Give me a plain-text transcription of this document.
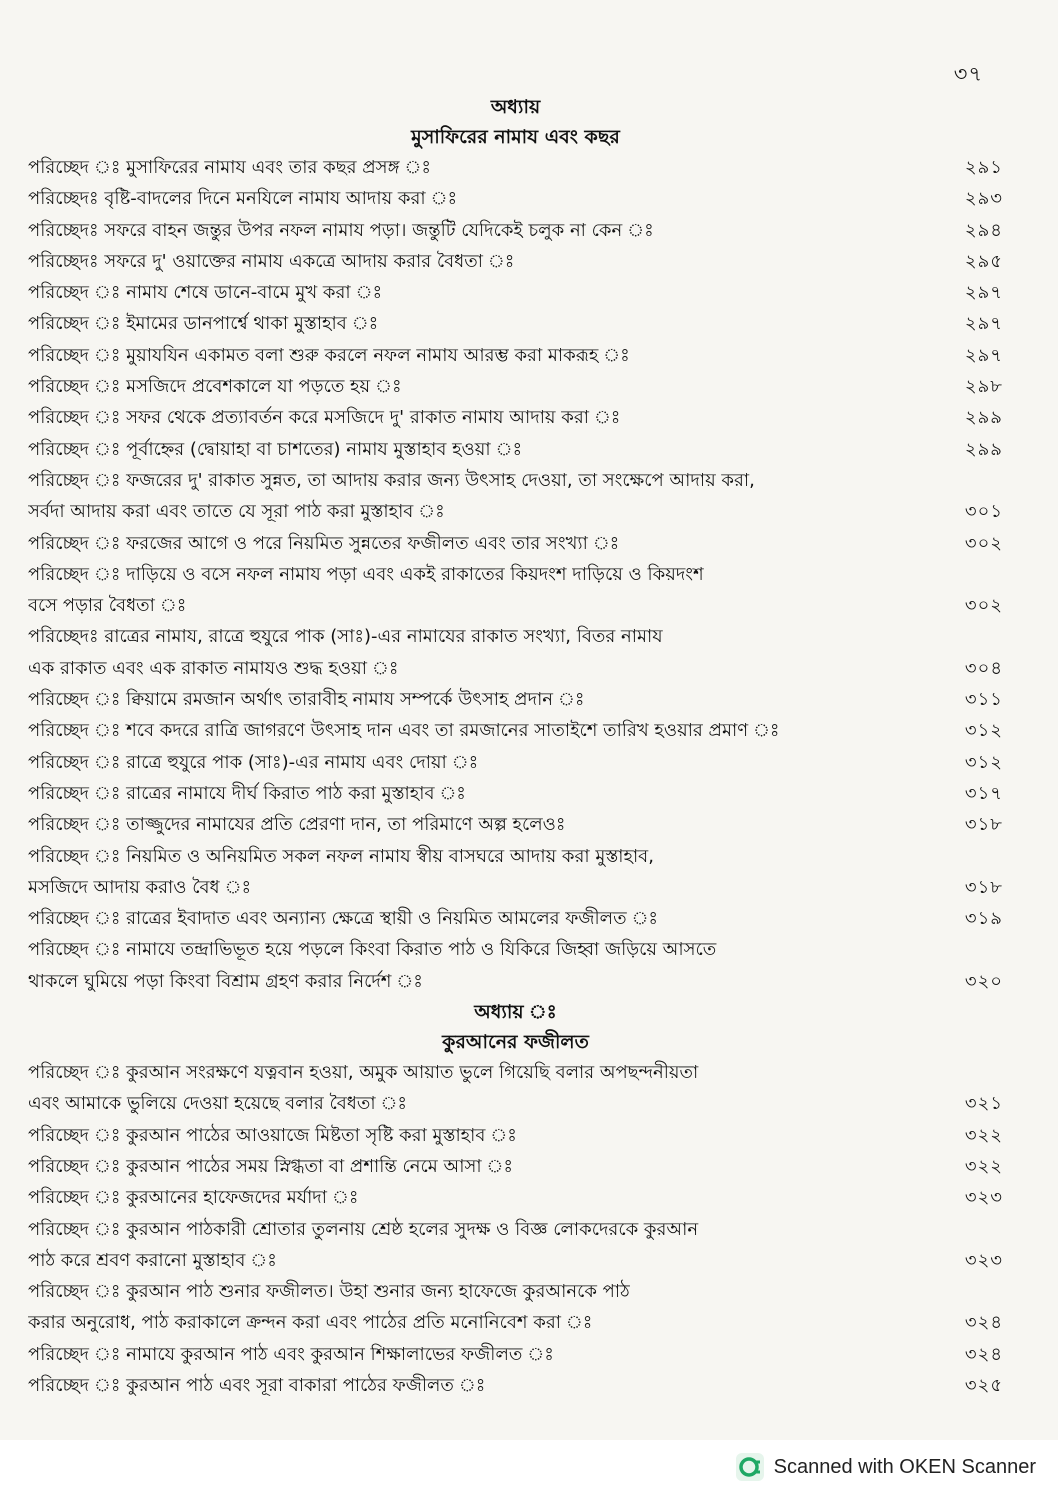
৩৭
অধ্যায়
মুসাফিরের নামায এবং কছর
পরিচ্ছেদ ঃ মুসাফিরের নামায এবং তার কছর প্রসঙ্গ ঃ	২৯১
পরিচ্ছেদঃ বৃষ্টি-বাদলের দিনে মনযিলে নামায আদায় করা ঃ	২৯৩
পরিচ্ছেদঃ সফরে বাহন জন্তুর উপর নফল নামায পড়া। জন্তুটি যেদিকেই চলুক না কেন ঃ	২৯৪
পরিচ্ছেদঃ সফরে দু' ওয়াক্তের নামায একত্রে আদায় করার বৈধতা ঃ	২৯৫
পরিচ্ছেদ ঃ নামায শেষে ডানে-বামে মুখ করা ঃ	২৯৭
পরিচ্ছেদ ঃ ইমামের ডানপার্শ্বে থাকা মুস্তাহাব ঃ	২৯৭
পরিচ্ছেদ ঃ মুয়াযযিন একামত বলা শুরু করলে নফল নামায আরম্ভ করা মাকরূহ ঃ	২৯৭
পরিচ্ছেদ ঃ মসজিদে প্রবেশকালে যা পড়তে হয় ঃ	২৯৮
পরিচ্ছেদ ঃ সফর থেকে প্রত্যাবর্তন করে মসজিদে দু' রাকাত নামায আদায় করা ঃ	২৯৯
পরিচ্ছেদ ঃ পূর্বাহ্নের (দ্বোয়াহা বা চাশতের) নামায মুস্তাহাব হওয়া ঃ	২৯৯
পরিচ্ছেদ ঃ ফজরের দু' রাকাত সুন্নত, তা আদায় করার জন্য উৎসাহ দেওয়া, তা সংক্ষেপে আদায় করা,
সর্বদা আদায় করা এবং তাতে যে সূরা পাঠ করা মুস্তাহাব ঃ	৩০১
পরিচ্ছেদ ঃ ফরজের আগে ও পরে নিয়মিত সুন্নতের ফজীলত এবং তার সংখ্যা ঃ	৩০২
পরিচ্ছেদ ঃ দাড়িয়ে ও বসে নফল নামায পড়া এবং একই রাকাতের কিয়দংশ দাড়িয়ে ও কিয়দংশ
বসে পড়ার বৈধতা ঃ	৩০২
পরিচ্ছেদঃ রাত্রের নামায, রাত্রে হুযুরে পাক (সাঃ)-এর নামাযের রাকাত সংখ্যা, বিতর নামায
এক রাকাত এবং এক রাকাত নামাযও শুদ্ধ হওয়া ঃ	৩০৪
পরিচ্ছেদ ঃ ক্বিয়ামে রমজান অর্থাৎ তারাবীহ নামায সম্পর্কে উৎসাহ প্রদান ঃ	৩১১
পরিচ্ছেদ ঃ শবে কদরে রাত্রি জাগরণে উৎসাহ দান এবং তা রমজানের সাতাইশে তারিখ হওয়ার প্রমাণ ঃ	৩১২
পরিচ্ছেদ ঃ রাত্রে হুযুরে পাক (সাঃ)-এর নামায এবং দোয়া ঃ	৩১২
পরিচ্ছেদ ঃ রাত্রের নামাযে দীর্ঘ কিরাত পাঠ করা মুস্তাহাব ঃ	৩১৭
পরিচ্ছেদ ঃ তাজ্জুদের নামাযের প্রতি প্রেরণা দান, তা পরিমাণে অল্প হলেওঃ	৩১৮
পরিচ্ছেদ ঃ নিয়মিত ও অনিয়মিত সকল নফল নামায স্বীয় বাসঘরে আদায় করা মুস্তাহাব,
মসজিদে আদায় করাও বৈধ ঃ	৩১৮
পরিচ্ছেদ ঃ রাত্রের ইবাদাত এবং অন্যান্য ক্ষেত্রে স্থায়ী ও নিয়মিত আমলের ফজীলত ঃ	৩১৯
পরিচ্ছেদ ঃ নামাযে তন্দ্রাভিভূত হয়ে পড়লে কিংবা কিরাত পাঠ ও যিকিরে জিহ্বা জড়িয়ে আসতে
থাকলে ঘুমিয়ে পড়া কিংবা বিশ্রাম গ্রহণ করার নির্দেশ ঃ	৩২০
অধ্যায় ঃ
কুরআনের ফজীলত
পরিচ্ছেদ ঃ কুরআন সংরক্ষণে যত্নবান হওয়া, অমুক আয়াত ভুলে গিয়েছি বলার অপছন্দনীয়তা
এবং আমাকে ভুলিয়ে দেওয়া হয়েছে বলার বৈধতা ঃ	৩২১
পরিচ্ছেদ ঃ কুরআন পাঠের আওয়াজে মিষ্টতা সৃষ্টি করা মুস্তাহাব ঃ	৩২২
পরিচ্ছেদ ঃ কুরআন পাঠের সময় স্নিগ্ধতা বা প্রশান্তি নেমে আসা ঃ	৩২২
পরিচ্ছেদ ঃ কুরআনের হাফেজদের মর্যাদা ঃ	৩২৩
পরিচ্ছেদ ঃ কুরআন পাঠকারী শ্রোতার তুলনায় শ্রেষ্ঠ হলের সুদক্ষ ও বিজ্ঞ লোকদেরকে কুরআন
পাঠ করে শ্রবণ করানো মুস্তাহাব ঃ	৩২৩
পরিচ্ছেদ ঃ কুরআন পাঠ শুনার ফজীলত। উহা শুনার জন্য হাফেজে কুরআনকে পাঠ
করার অনুরোধ, পাঠ করাকালে ক্রন্দন করা এবং পাঠের প্রতি মনোনিবেশ করা ঃ	৩২৪
পরিচ্ছেদ ঃ নামাযে কুরআন পাঠ এবং কুরআন শিক্ষালাভের ফজীলত ঃ	৩২৪
পরিচ্ছেদ ঃ কুরআন পাঠ এবং সূরা বাকারা পাঠের ফজীলত ঃ	৩২৫
Scanned with OKEN Scanner
